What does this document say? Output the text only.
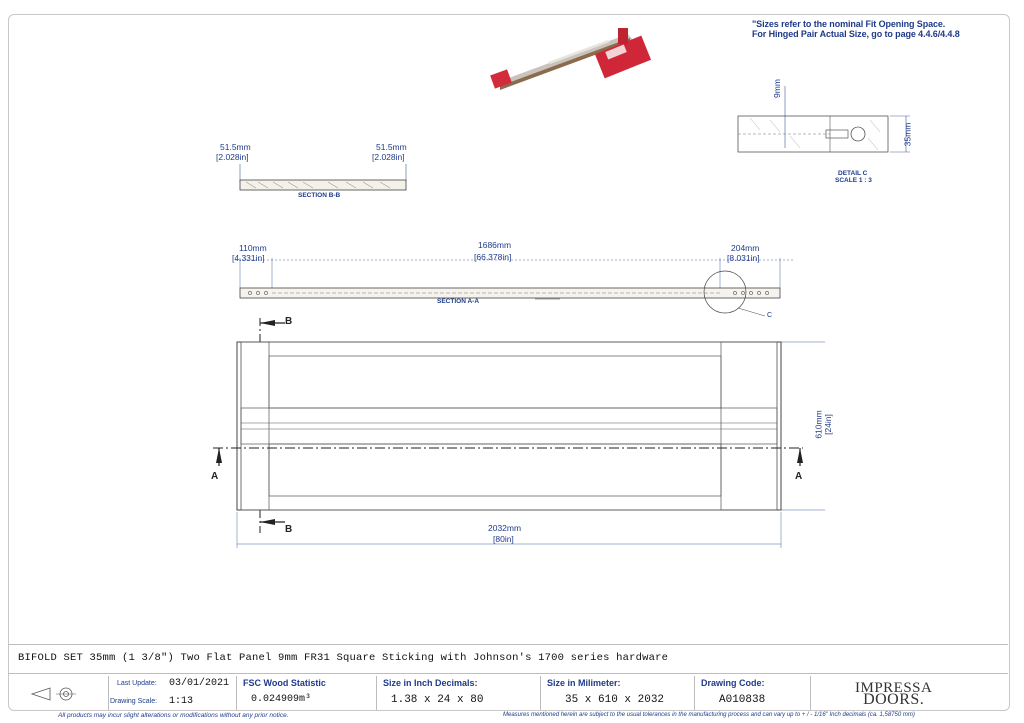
"Sizes refer to the nominal Fit Opening Space.
For Hinged Pair Actual Size, go to page 4.4.6/4.4.8
9mm
35mm
DETAIL C
SCALE 1 : 3
51.5mm
[2.028in]
51.5mm
[2.028in]
SECTION B-B
110mm
[4.331in]
1686mm
[66.378in]
204mm
[8.031in]
SECTION A-A
C
B
B
A	A
610mm [24in]
2032mm
[80in]
BIFOLD SET 35mm (1 3/8") Two Flat Panel 9mm FR31 Square Sticking with Johnson's 1700 series hardware
Last Update: 03/01/2021
Drawing Scale: 1:13
FSC Wood Statistic
0.024909m³
Size in Inch Decimals:
1.38 x 24 x 80
Size in Milimeter:
35 x 610 x 2032
Drawing Code:
A010838
IMPRESSA
DOORS.
All products may incur slight alterations or modifications without any prior notice.	Measures mentioned herein are subject to the usual tolerances in the manufacturing process and can vary up to + / - 1/16" Inch decimals (ca. 1,58750 mm)
